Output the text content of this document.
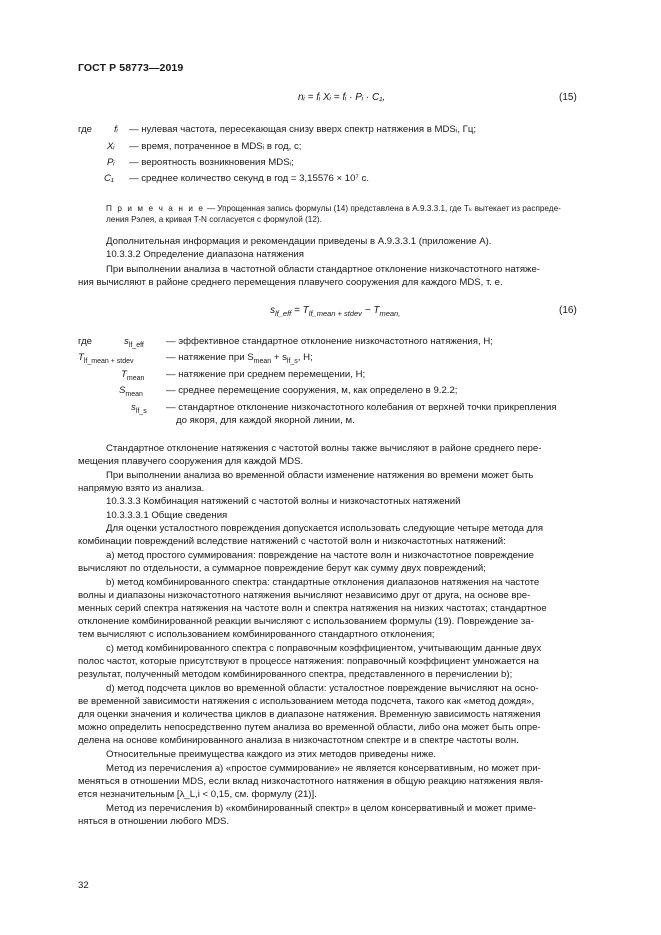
ГОСТ Р 58773—2019
nᵢ = fᵢ Xᵢ = fᵢ · Pᵢ · C₁,	(15)
где fᵢ — нулевая частота, пересекающая снизу вверх спектр натяжения в MDSᵢ, Гц;
Xᵢ — время, потраченное в MDSᵢ в год, с;
Pᵢ — вероятность возникновения MDSᵢ;
C₁ — среднее количество секунд в год = 3,15576 × 10⁷ с.
П р и м е ч а н и е — Упрощенная запись формулы (14) представлена в А.9.3.3.1, где Tₖ вытекает из распреде-
ления Рэлея, а кривая T-N согласуется с формулой (12).
Дополнительная информация и рекомендации приведены в А.9.3.3.1 (приложение А).
10.3.3.2 Определение диапазона натяжения
При выполнении анализа в частотной области стандартное отклонение низкочастотного натяже-
ния вычисляют в районе среднего перемещения плавучего сооружения для каждого MDS, т. е.
$s_{lf\_eff} = T_{lf\_mean + stdev} - T_{mean,}$	(16)
где	$s_{lf\_eff}$ — эффективное стандартное отклонение низкочастотного натяжения, Н;
$T_{lf\_mean + stdev}$	— натяжение при $S_{mean} + s_{lf\_s}$, Н;
$T_{mean}$ — натяжение при среднем перемещении, Н;
$S_{mean}$ — среднее перемещение сооружения, м, как определено в 9.2.2;
$s_{lf\_s}$ — стандартное отклонение низкочастотного колебания от верхней точки прикрепления
до якоря, для каждой якорной линии, м.
Стандартное отклонение натяжения с частотой волны также вычисляют в районе среднего пере-
мещения плавучего сооружения для каждой MDS.
При выполнении анализа во временной области изменение натяжения во времени может быть
напрямую взято из анализа.
10.3.3.3 Комбинация натяжений с частотой волны и низкочастотных натяжений
10.3.3.3.1 Общие сведения
Для оценки усталостного повреждения допускается использовать следующие четыре метода для
комбинации повреждений вследствие натяжений с частотой волн и низкочастотных натяжений:
а) метод простого суммирования: повреждение на частоте волн и низкочастотное повреждение
вычисляют по отдельности, а суммарное повреждение берут как сумму двух повреждений;
b) метод комбинированного спектра: стандартные отклонения диапазонов натяжения на частоте
волны и диапазоны низкочастотного натяжения вычисляют независимо друг от друга, на основе вре-
менных серий спектра натяжения на частоте волн и спектра натяжения на низких частотах; стандартное
отклонение комбинированной реакции вычисляют с использованием формулы (19). Повреждение за-
тем вычисляют с использованием комбинированного стандартного отклонения;
с) метод комбинированного спектра с поправочным коэффициентом, учитывающим данные двух
полос частот, которые присутствуют в процессе натяжения: поправочный коэффициент умножается на
результат, полученный методом комбинированного спектра, представленного в перечислении b);
d) метод подсчета циклов во временной области: усталостное повреждение вычисляют на осно-
ве временной зависимости натяжения с использованием метода подсчета, такого как «метод дождя»,
для оценки значения и количества циклов в диапазоне натяжения. Временную зависимость натяжения
можно определить непосредственно путем анализа во временной области, либо она может быть опре-
делена на основе комбинированного анализа в низкочастотном спектре и в спектре частоты волн.
Относительные преимущества каждого из этих методов приведены ниже.
Метод из перечисления а) «простое суммирование» не является консервативным, но может при-
меняться в отношении MDS, если вклад низкочастотного натяжения в общую реакцию натяжения явля-
ется незначительным [λ_L,i < 0,15, см. формулу (21)].
Метод из перечисления b) «комбинированный спектр» в целом консервативный и может приме-
няться в отношении любого MDS.
32
